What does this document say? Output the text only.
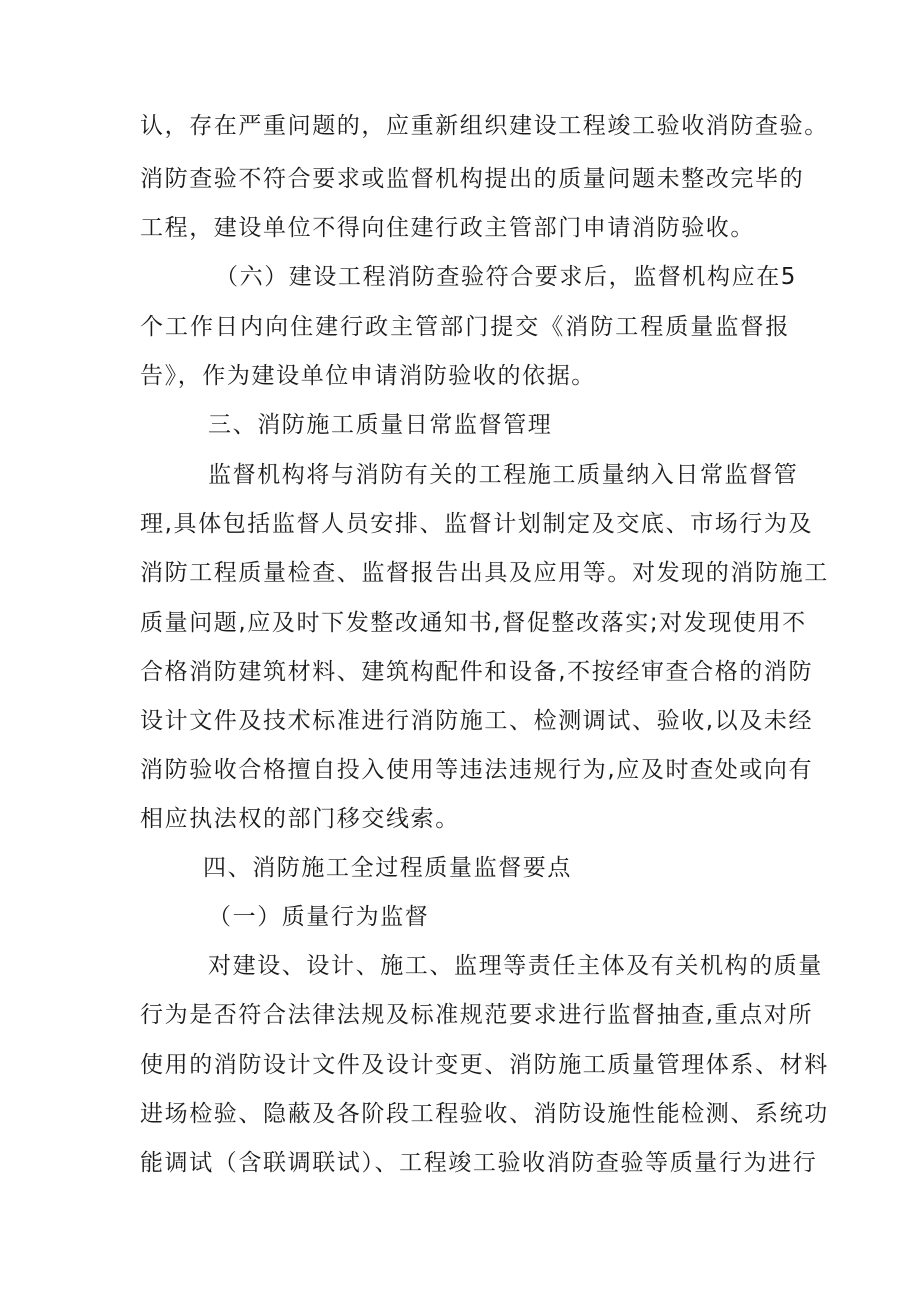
认，存在严重问题的，应重新组织建设工程竣工验收消防查验。
消防查验不符合要求或监督机构提出的质量问题未整改完毕的
工程，建设单位不得向住建行政主管部门申请消防验收。
（六）建设工程消防查验符合要求后，监督机构应在5
个工作日内向住建行政主管部门提交《消防工程质量监督报
告》，作为建设单位申请消防验收的依据。
三、消防施工质量日常监督管理
监督机构将与消防有关的工程施工质量纳入日常监督管
理,具体包括监督人员安排、监督计划制定及交底、市场行为及
消防工程质量检查、监督报告出具及应用等。对发现的消防施工
质量问题,应及时下发整改通知书,督促整改落实;对发现使用不
合格消防建筑材料、建筑构配件和设备,不按经审查合格的消防
设计文件及技术标准进行消防施工、检测调试、验收,以及未经
消防验收合格擅自投入使用等违法违规行为,应及时查处或向有
相应执法权的部门移交线索。
四、消防施工全过程质量监督要点
（一）质量行为监督
对建设、设计、施工、监理等责任主体及有关机构的质量
行为是否符合法律法规及标准规范要求进行监督抽查,重点对所
使用的消防设计文件及设计变更、消防施工质量管理体系、材料
进场检验、隐蔽及各阶段工程验收、消防设施性能检测、系统功
能调试（含联调联试）、工程竣工验收消防查验等质量行为进行
